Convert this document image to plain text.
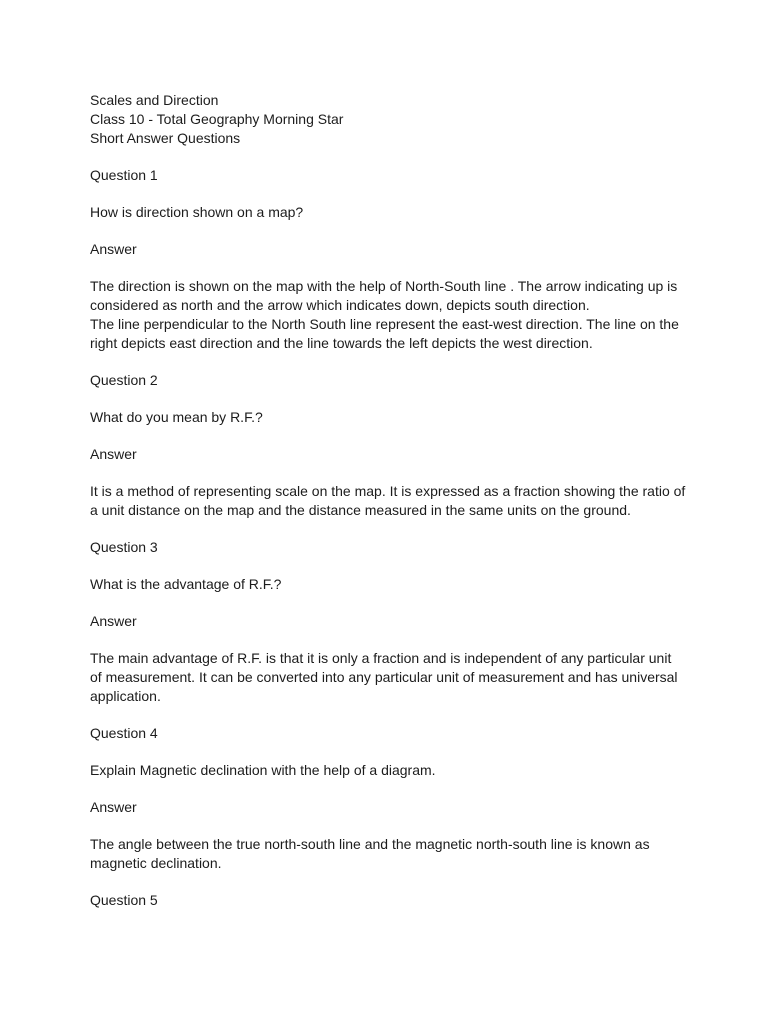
Scales and Direction
Class 10 - Total Geography Morning Star
Short Answer Questions
Question 1
How is direction shown on a map?
Answer
The direction is shown on the map with the help of North-South line . The arrow indicating up is
considered as north and the arrow which indicates down, depicts south direction.
The line perpendicular to the North South line represent the east-west direction. The line on the
right depicts east direction and the line towards the left depicts the west direction.
Question 2
What do you mean by R.F.?
Answer
It is a method of representing scale on the map. It is expressed as a fraction showing the ratio of
a unit distance on the map and the distance measured in the same units on the ground.
Question 3
What is the advantage of R.F.?
Answer
The main advantage of R.F. is that it is only a fraction and is independent of any particular unit
of measurement. It can be converted into any particular unit of measurement and has universal
application.
Question 4
Explain Magnetic declination with the help of a diagram.
Answer
The angle between the true north-south line and the magnetic north-south line is known as
magnetic declination.
Question 5
